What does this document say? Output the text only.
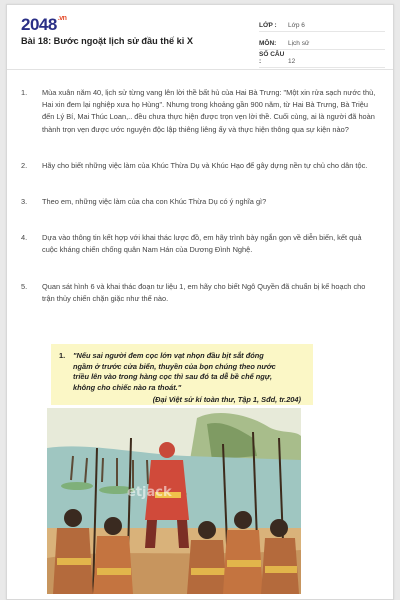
$2048^{.vn}$
Bài 18: Bước ngoặt lịch sử đầu thế kỉ X
LỚP :	Lớp 6
MÔN:	Lịch sử
SỐ CÂU :	12
1.	Mùa xuân năm 40, lịch sử từng vang lên lời thề bất hủ của Hai Bà Trưng: "Một xin rửa sạch nước thù, Hai xin đem lại nghiệp xưa họ Hùng". Nhưng trong khoảng gần 900 năm, từ Hai Bà Trưng, Bà Triệu đến Lý Bí, Mai Thúc Loan,.. đều chưa thực hiện được trọn vẹn lời thề. Cuối cùng, ai là người đã hoàn thành trọn vẹn được ước nguyện độc lập thiêng liêng ấy và thực hiện thông qua sự kiện nào?
2.	Hãy cho biết những việc làm của Khúc Thừa Dụ và Khúc Hạo để gây dựng nền tự chủ cho dân tộc.
3.	Theo em, những việc làm của cha con Khúc Thừa Dụ có ý nghĩa gì?
4.	Dựa vào thông tin kết hợp với khai thác lược đồ, em hãy trình bày ngắn gọn về diễn biến, kết quả cuộc kháng chiến chống quân Nam Hán của Dương Đình Nghệ.
5.	Quan sát hình 6 và khai thác đoạn tư liệu 1, em hãy cho biết Ngô Quyền đã chuẩn bị kế hoạch cho trận thủy chiến chặn giặc như thế nào.
1.	"Nếu sai người đem cọc lớn vạt nhọn đầu bịt sắt đóng
ngầm ở trước cửa biển, thuyền của bọn chúng theo nước
triều lên vào trong hàng cọc thì sau đó ta dễ bề chế ngự,
không cho chiếc nào ra thoát."
(Đại Việt sử kí toàn thư, Tập 1, Sđd, tr.204)
etjack
